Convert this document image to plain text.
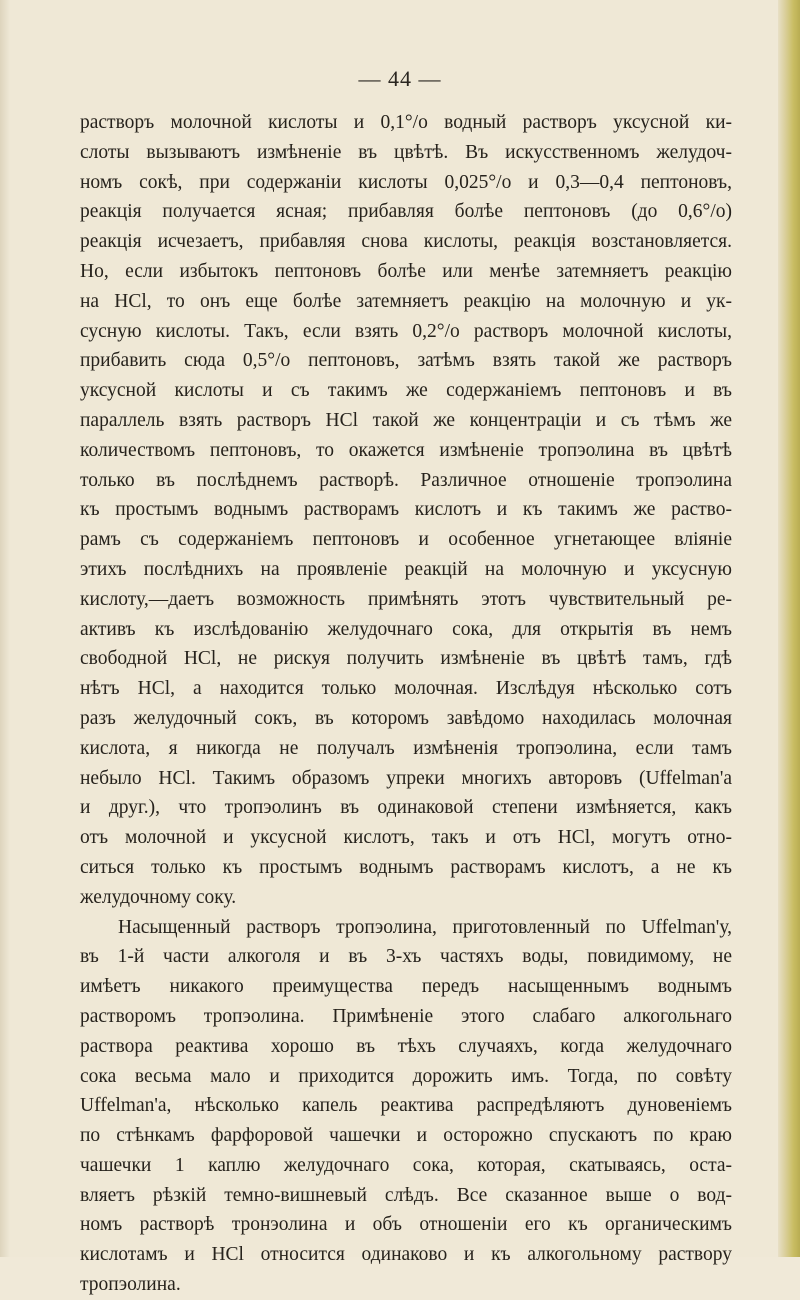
— 44 —

растворъ молочной кислоты и 0,1°/о водный растворъ уксусной ки-
слоты вызываютъ измѣненіе въ цвѣтѣ. Въ искусственномъ желудоч-
номъ сокѣ, при содержаніи кислоты 0,025°/о и 0,3—0,4 пептоновъ,
реакція получается ясная; прибавляя болѣе пептоновъ (до 0,6°/о)
реакція исчезаетъ, прибавляя снова кислоты, реакція возстановляется.
Но, если избытокъ пептоновъ болѣе или менѣе затемняетъ реакцію
на HCl, то онъ еще болѣе затемняетъ реакцію на молочную и ук-
сусную кислоты. Такъ, если взять 0,2°/о растворъ молочной кислоты,
прибавить сюда 0,5°/о пептоновъ, затѣмъ взять такой же растворъ
уксусной кислоты и съ такимъ же содержаніемъ пептоновъ и въ
параллель взять растворъ HCl такой же концентраціи и съ тѣмъ же
количествомъ пептоновъ, то окажется измѣненіе тропэолина въ цвѣтѣ
только въ послѣднемъ растворѣ. Различное отношеніе тропэолина
къ простымъ воднымъ растворамъ кислотъ и къ такимъ же раство-
рамъ съ содержаніемъ пептоновъ и особенное угнетающее вліяніе
этихъ послѣднихъ на проявленіе реакцій на молочную и уксусную
кислоту,—даетъ возможность примѣнять этотъ чувствительный ре-
активъ къ изслѣдованію желудочнаго сока, для открытія въ немъ
свободной HCl, не рискуя получить измѣненіе въ цвѣтѣ тамъ, гдѣ
нѣтъ HCl, а находится только молочная. Изслѣдуя нѣсколько сотъ
разъ желудочный сокъ, въ которомъ завѣдомо находилась молочная
кислота, я никогда не получалъ измѣненія тропэолина, если тамъ
небыло HCl. Такимъ образомъ упреки многихъ авторовъ (Uffelman'а
и друг.), что тропэолинъ въ одинаковой степени измѣняется, какъ
отъ молочной и уксусной кислотъ, такъ и отъ HCl, могутъ отно-
ситься только къ простымъ воднымъ растворамъ кислотъ, а не къ
желудочному соку.

Насыщенный растворъ тропэолина, приготовленный по Uffelman'у,
въ 1-й части алкоголя и въ 3-хъ частяхъ воды, повидимому, не
имѣетъ никакого преимущества передъ насыщеннымъ воднымъ
растворомъ тропэолина. Примѣненіе этого слабаго алкогольнаго
раствора реактива хорошо въ тѣхъ случаяхъ, когда желудочнаго
сока весьма мало и приходится дорожить имъ. Тогда, по совѣту
Uffelman'а, нѣсколько капель реактива распредѣляютъ дуновеніемъ
по стѣнкамъ фарфоровой чашечки и осторожно спускаютъ по краю
чашечки 1 каплю желудочнаго сока, которая, скатываясь, оста-
вляетъ рѣзкій темно-вишневый слѣдъ. Все сказанное выше о вод-
номъ растворѣ тронэолина и объ отношеніи его къ органическимъ
кислотамъ и HCl относится одинаково и къ алкогольному раствору
тропэолина.
